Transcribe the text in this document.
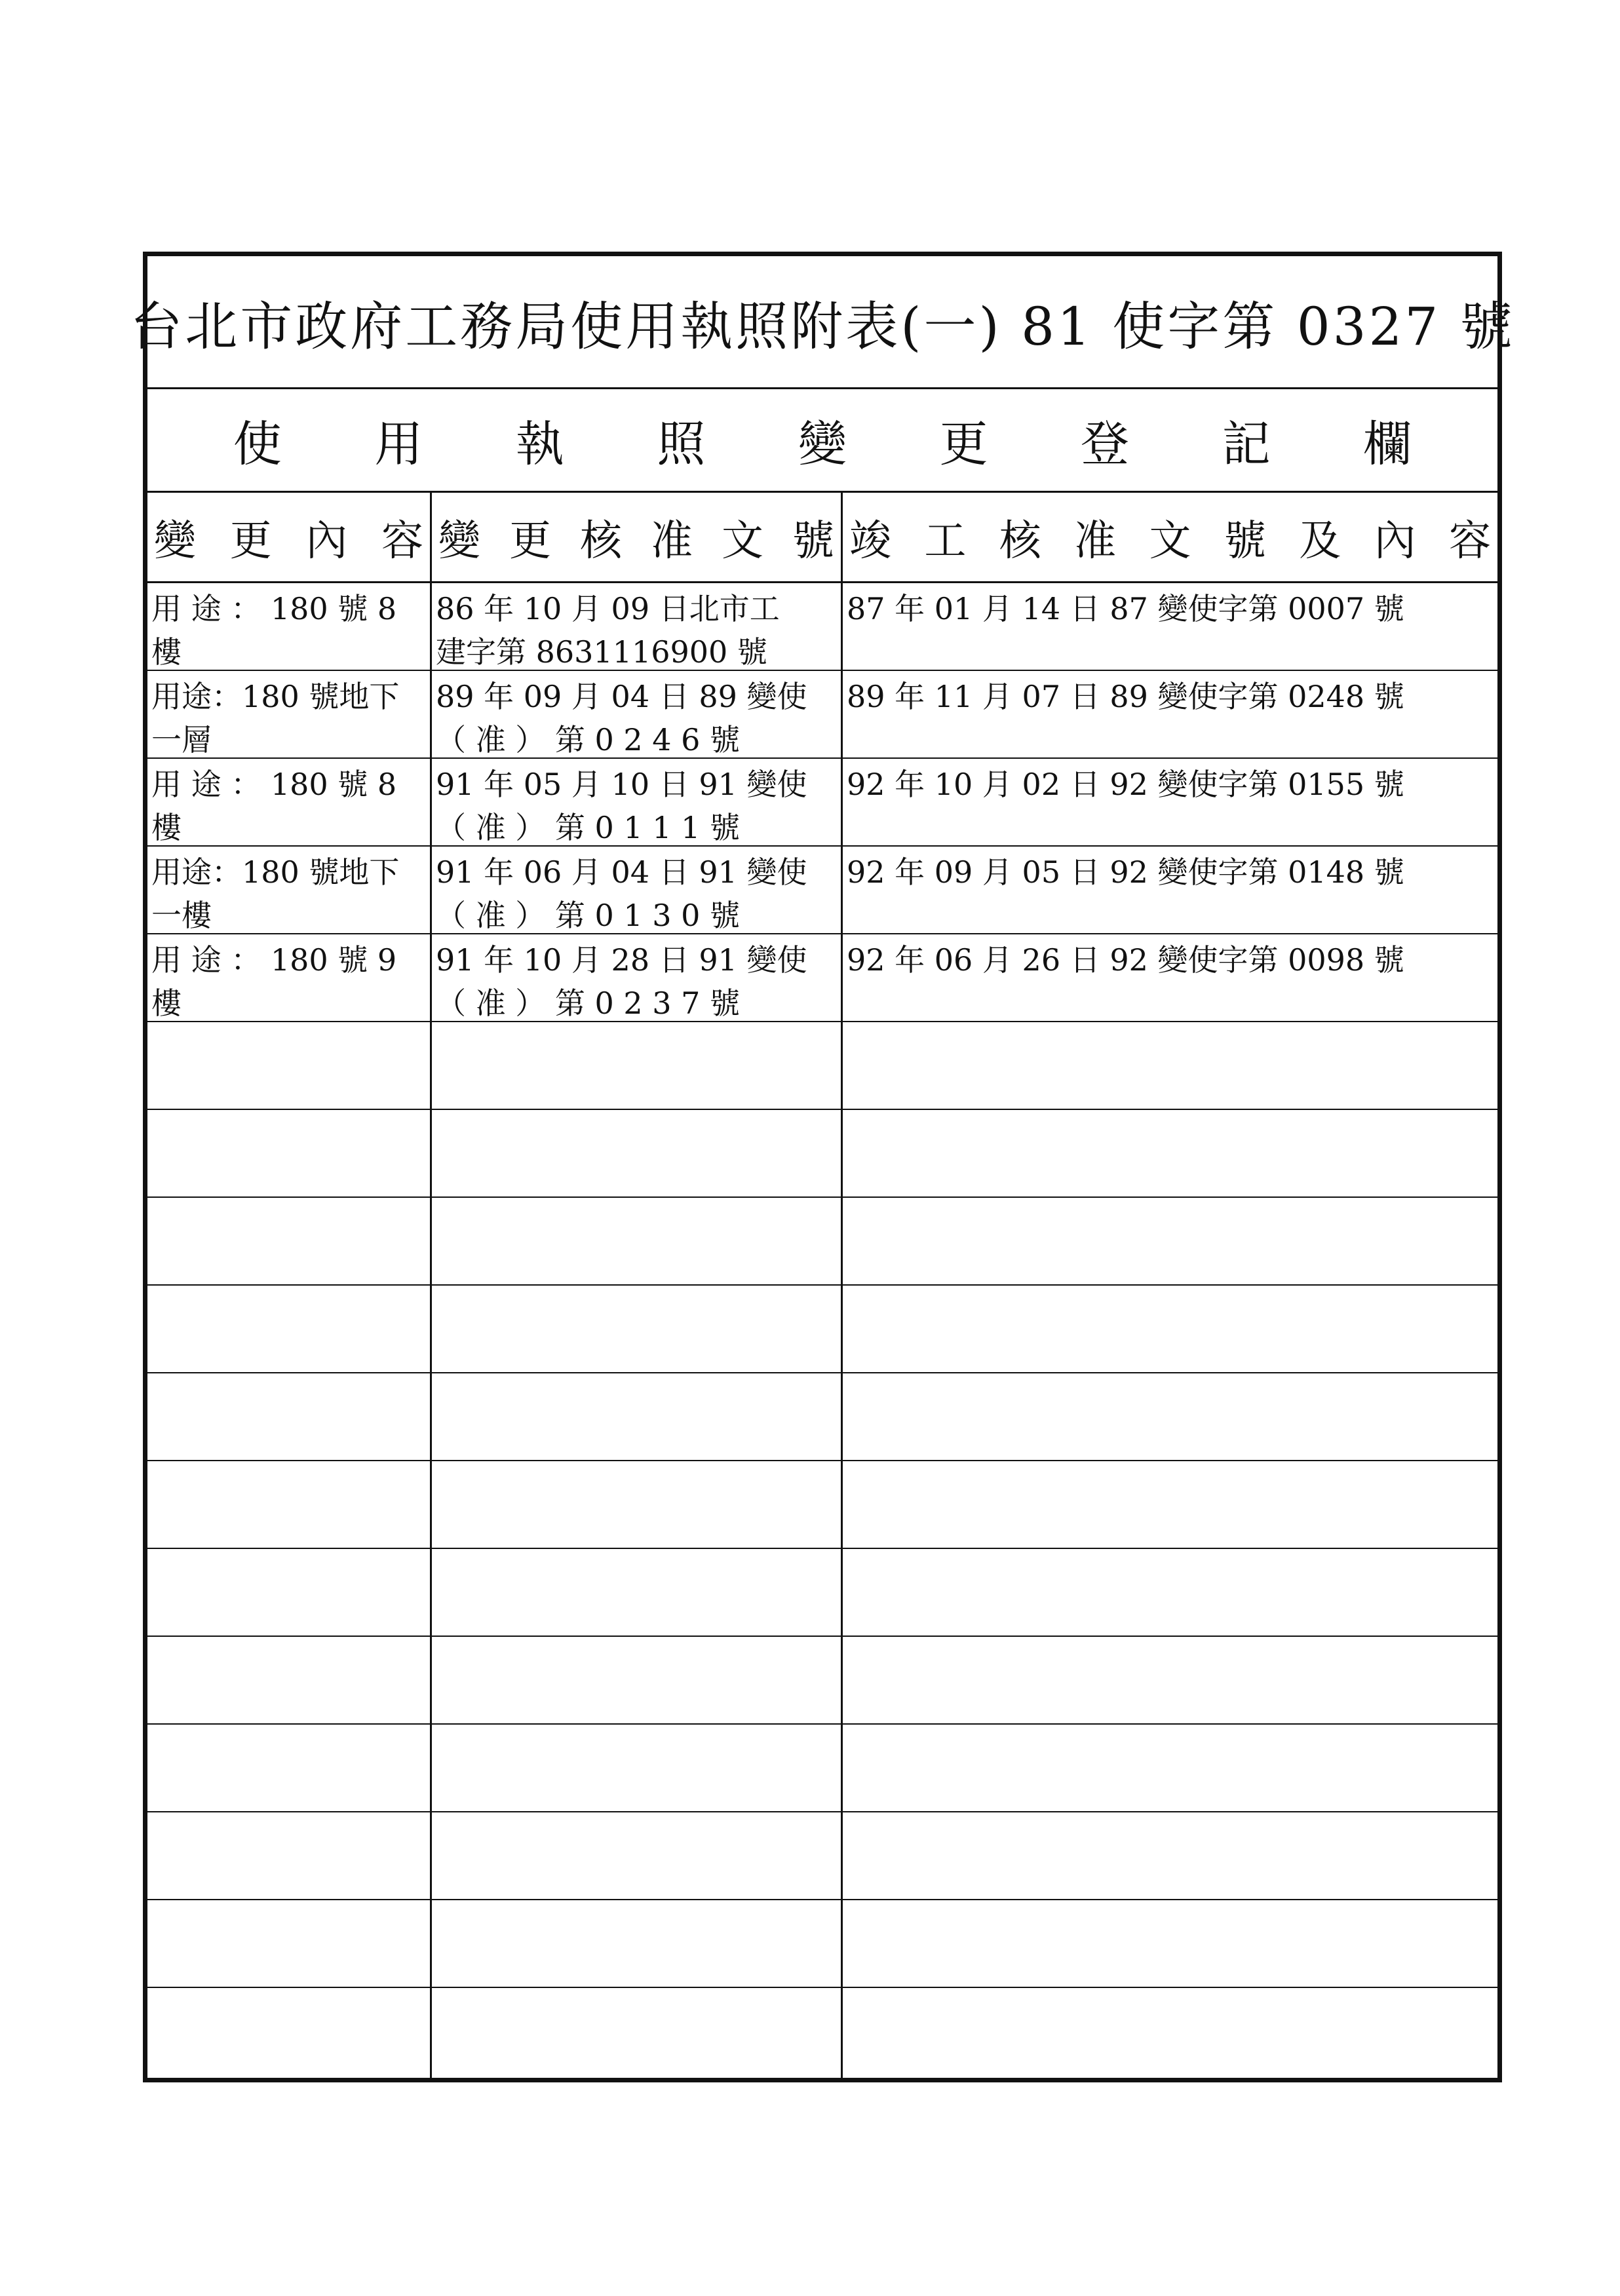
台北市政府工務局使用執照附表(一) 81 使字第 0327 號
使 用 執 照 變 更 登 記 欄
變 更 內 容 變 更 核 准 文 號 竣 工 核 准 文 號 及 內 容
用 途 ： 180 號 8
樓
86 年 10 月 09 日北市工
建字第 8631116900 號
87 年 01 月 14 日 87 變使字第 0007 號
用途：180 號地下
一層
89 年 09 月 04 日 89 變使
（ 准 ） 第 0 2 4 6 號
89 年 11 月 07 日 89 變使字第 0248 號
用 途 ： 180 號 8
樓
91 年 05 月 10 日 91 變使
（ 准 ） 第 0 1 1 1 號
92 年 10 月 02 日 92 變使字第 0155 號
用途：180 號地下
一樓
91 年 06 月 04 日 91 變使
（ 准 ） 第 0 1 3 0 號
92 年 09 月 05 日 92 變使字第 0148 號
用 途 ： 180 號 9
樓
91 年 10 月 28 日 91 變使
（ 准 ） 第 0 2 3 7 號
92 年 06 月 26 日 92 變使字第 0098 號
